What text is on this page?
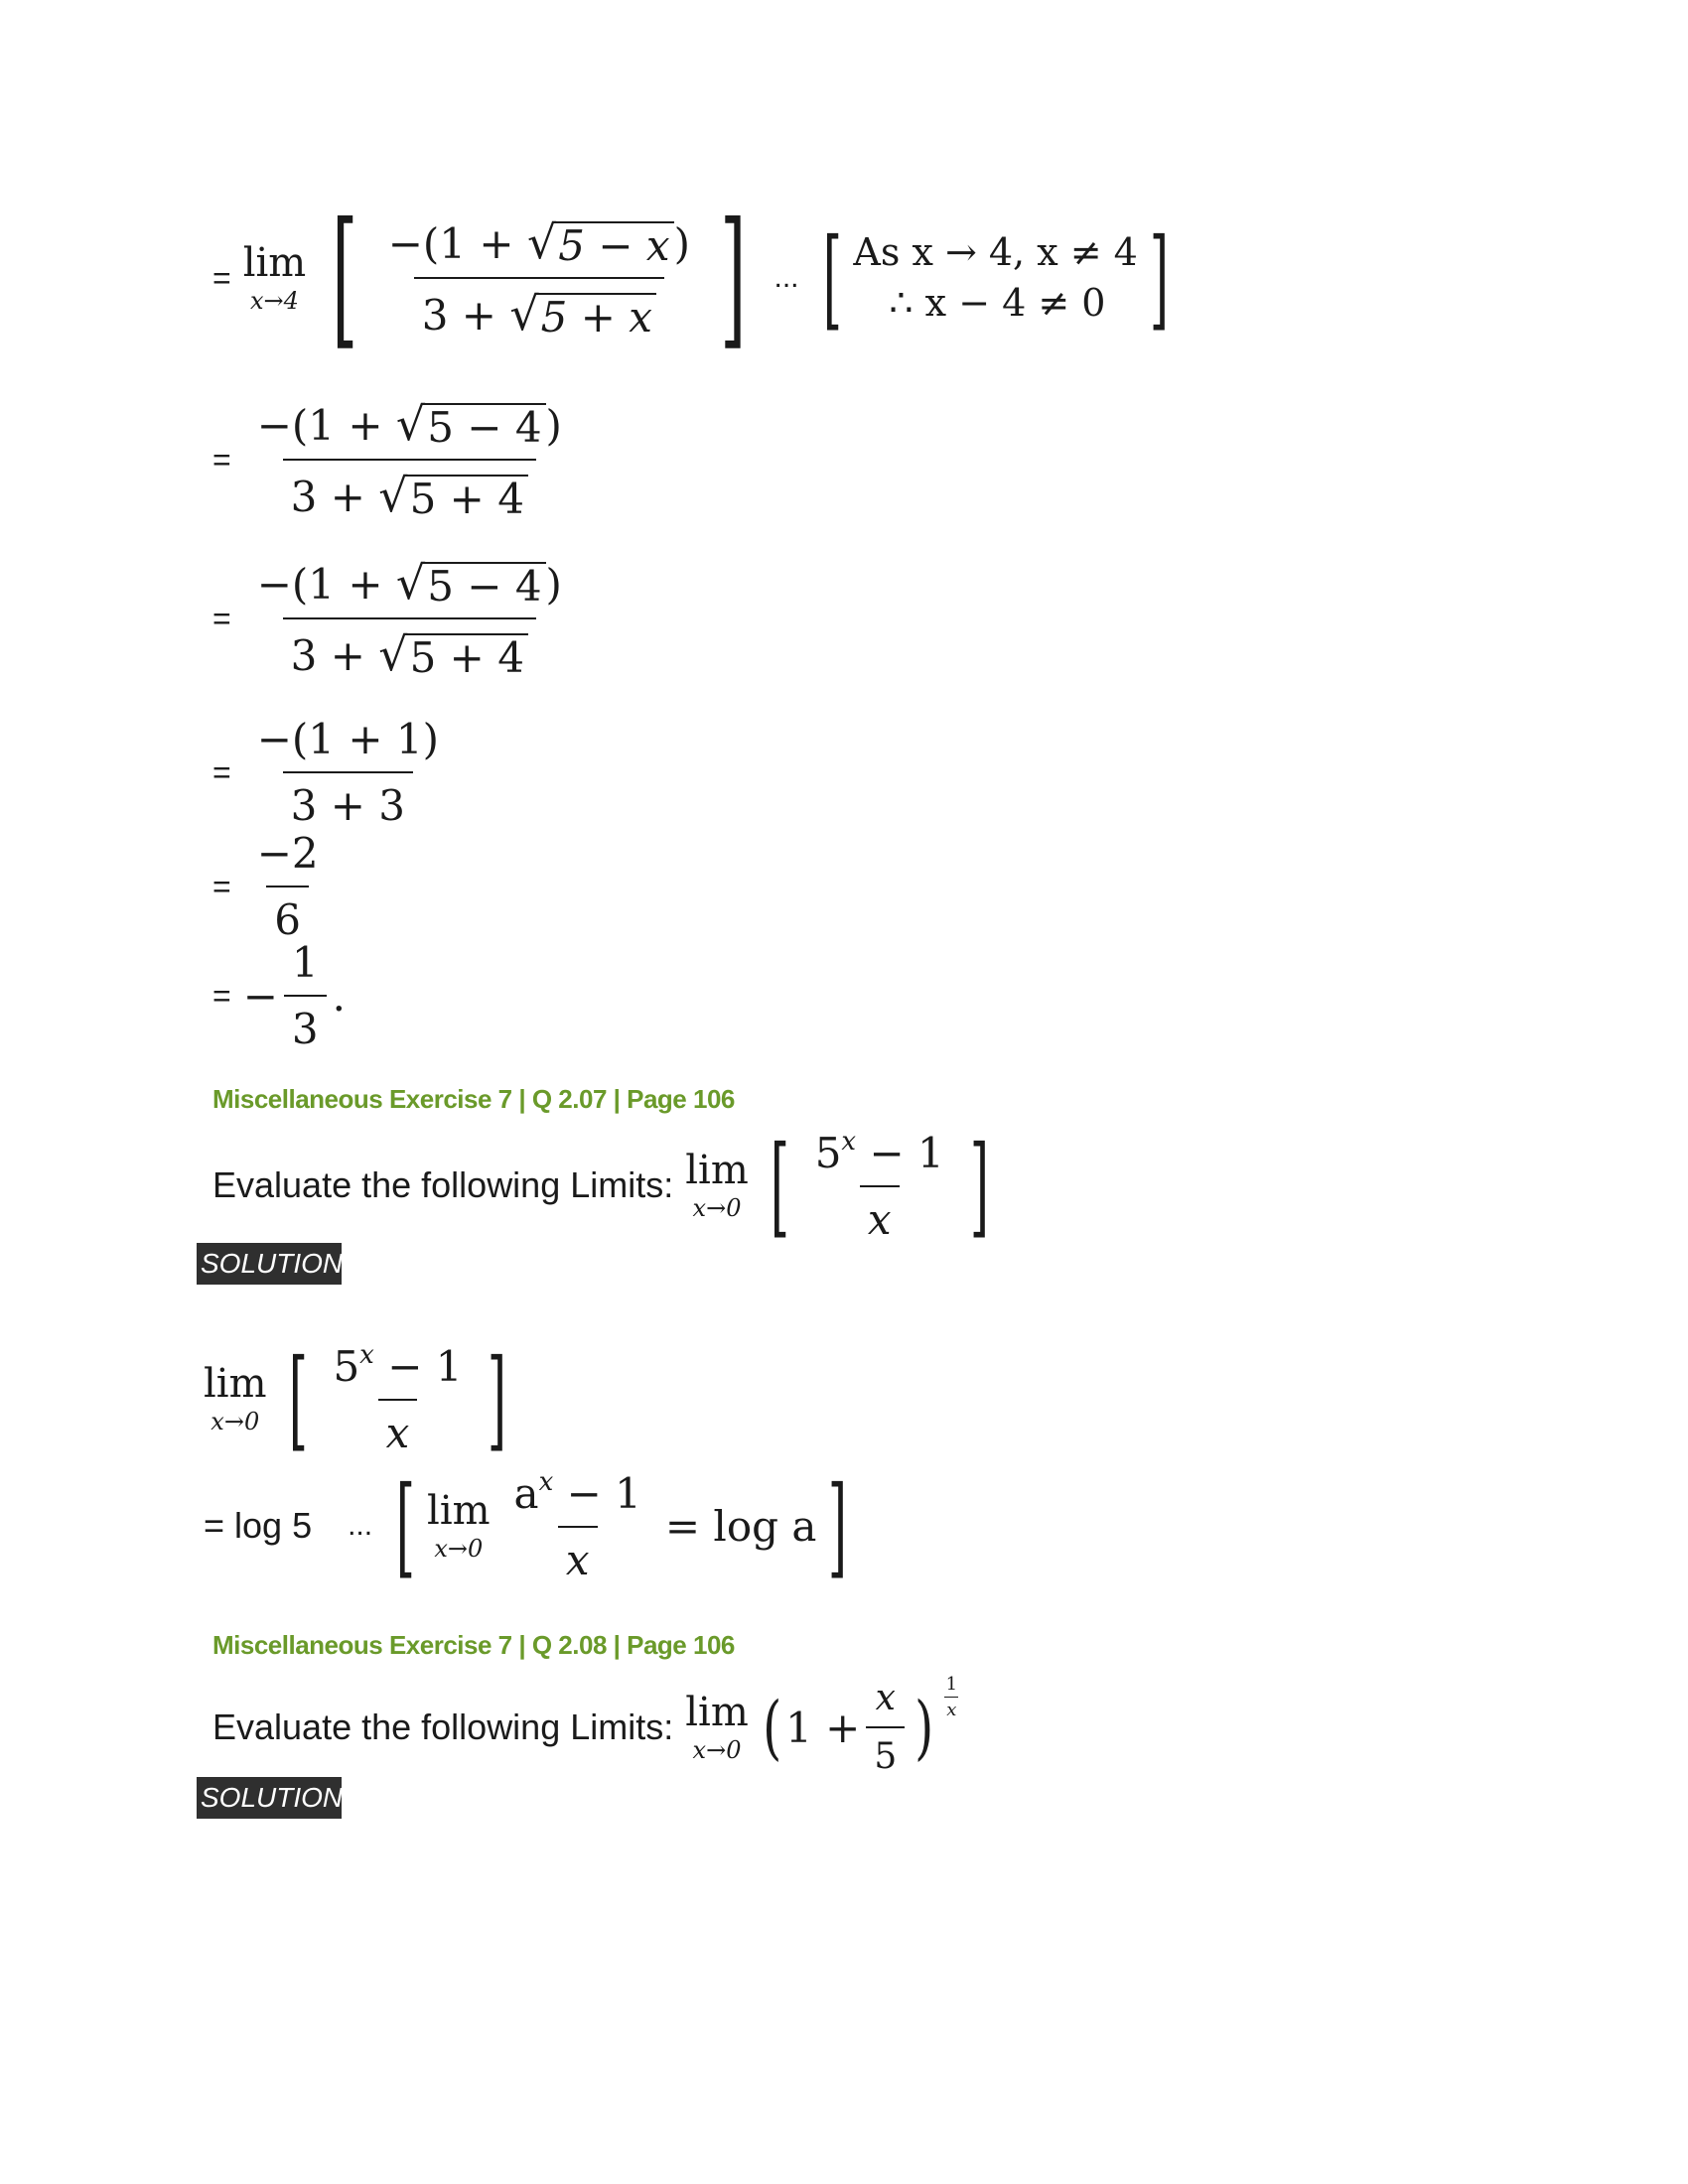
= lim
x→4 [ $\frac{-(1 + √ 5 - x )}{3 + √ 5 + x}$ ] ... [ As x → 4, x ≠ 4
∴ x − 4 ≠ 0 ]
= $\frac{-(1 + √ 5 - 4 )}{3 + √ 5 + 4}$
= $\frac{-(1 + √ 5 - 4 )}{3 + √ 5 + 4}$
= $\frac{-(1 + 1)}{3 + 3}$
= $\frac{-2}{6}$
= − $\frac{1}{3}$ .
Miscellaneous Exercise 7 | Q 2.07 | Page 106
Evaluate the following Limits: lim
x→0 [ $\frac{5^x - 1}{x}$ ]
SOLUTION
lim
x→0 [ $\frac{5^x - 1}{x}$ ]
= log 5 ... [ lim
$x\to 0 \frac{a^x - 1}{x} = \log a$ ]
Miscellaneous Exercise 7 | Q 2.08 | Page 106
Evaluate the following Limits: lim
x→0 ( $1 + \frac{x}{5}$ ) $\frac{1}{x}$
SOLUTION
